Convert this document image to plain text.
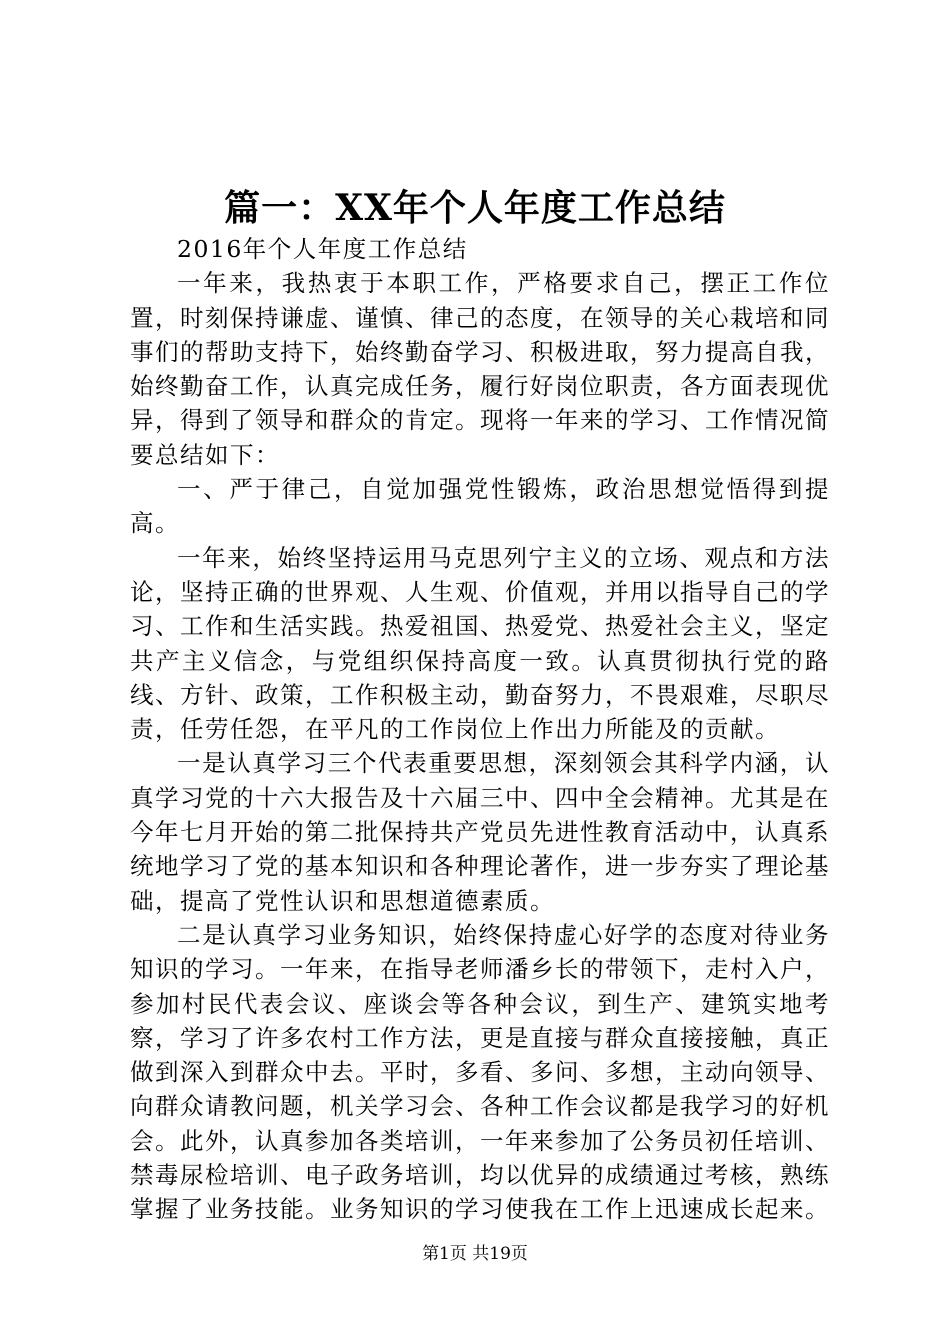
篇一：XX年个人年度工作总结

2016年个人年度工作总结

一年来，我热衷于本职工作，严格要求自己，摆正工作位置，时刻保持谦虚、谨慎、律己的态度，在领导的关心栽培和同事们的帮助支持下，始终勤奋学习、积极进取，努力提高自我，始终勤奋工作，认真完成任务，履行好岗位职责，各方面表现优异，得到了领导和群众的肯定。现将一年来的学习、工作情况简要总结如下：

一、严于律己，自觉加强党性锻炼，政治思想觉悟得到提高。

一年来，始终坚持运用马克思列宁主义的立场、观点和方法论，坚持正确的世界观、人生观、价值观，并用以指导自己的学习、工作和生活实践。热爱祖国、热爱党、热爱社会主义，坚定共产主义信念，与党组织保持高度一致。认真贯彻执行党的路线、方针、政策，工作积极主动，勤奋努力，不畏艰难，尽职尽责，任劳任怨，在平凡的工作岗位上作出力所能及的贡献。

一是认真学习三个代表重要思想，深刻领会其科学内涵，认真学习党的十六大报告及十六届三中、四中全会精神。尤其是在今年七月开始的第二批保持共产党员先进性教育活动中，认真系统地学习了党的基本知识和各种理论著作，进一步夯实了理论基础，提高了党性认识和思想道德素质。

二是认真学习业务知识，始终保持虚心好学的态度对待业务知识的学习。一年来，在指导老师潘乡长的带领下，走村入户，参加村民代表会议、座谈会等各种会议，到生产、建筑实地考察，学习了许多农村工作方法，更是直接与群众直接接触，真正做到深入到群众中去。平时，多看、多问、多想，主动向领导、向群众请教问题，机关学习会、各种工作会议都是我学习的好机会。此外，认真参加各类培训，一年来参加了公务员初任培训、禁毒尿检培训、电子政务培训，均以优异的成绩通过考核，熟练掌握了业务技能。业务知识的学习使我在工作上迅速成长起来。

第1页 共19页
